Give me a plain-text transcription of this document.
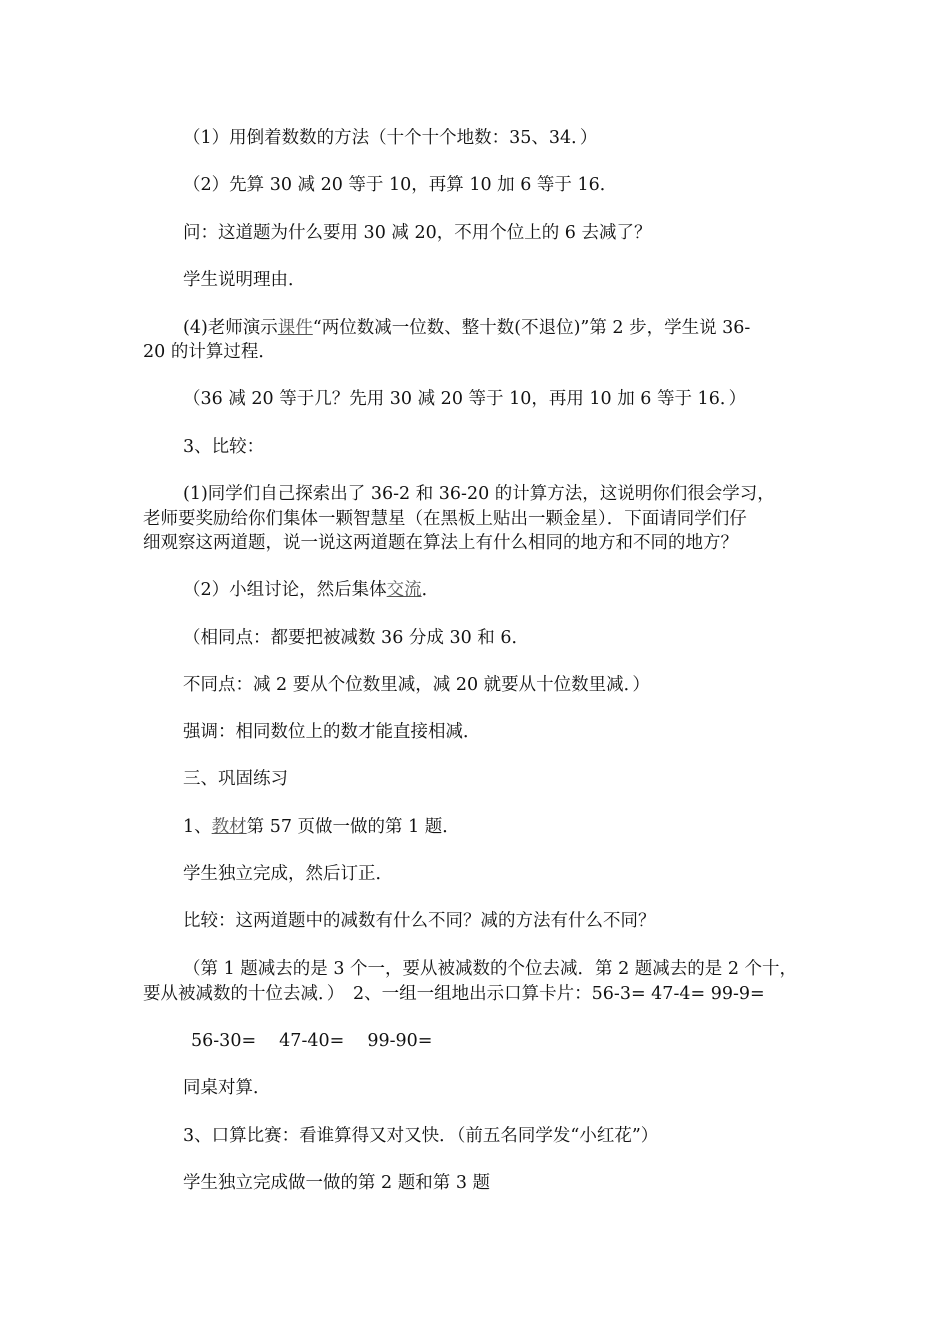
（1）用倒着数数的方法（十个十个地数：35、34．）
（2）先算 30 减 20 等于 10，再算 10 加 6 等于 16．
问：这道题为什么要用 30 减 20，不用个位上的 6 去减了？
学生说明理由．
(4)老师演示课件“两位数减一位数、整十数(不退位)”第 2 步，学生说 36-
20 的计算过程．
（36 减 20 等于几？先用 30 减 20 等于 10，再用 10 加 6 等于 16．）
3、比较：
(1)同学们自己探索出了 36-2 和 36-20 的计算方法，这说明你们很会学习，
老师要奖励给你们集体一颗智慧星（在黑板上贴出一颗金星）．下面请同学们仔
细观察这两道题，说一说这两道题在算法上有什么相同的地方和不同的地方？
（2）小组讨论，然后集体交流．
（相同点：都要把被减数 36 分成 30 和 6．
不同点：减 2 要从个位数里减，减 20 就要从十位数里减．）
强调：相同数位上的数才能直接相减．
三、巩固练习
1、教材第 57 页做一做的第 1 题．
学生独立完成，然后订正．
比较：这两道题中的减数有什么不同？减的方法有什么不同？
（第 1 题减去的是 3 个一，要从被减数的个位去减．第 2 题减去的是 2 个十，
要从被减数的十位去减．）　2、一组一组地出示口算卡片：56-3= 47-4= 99-9=
56-30=　 47-40=　 99-90=
同桌对算．
3、口算比赛：看谁算得又对又快．（前五名同学发“小红花”）
学生独立完成做一做的第 2 题和第 3 题
